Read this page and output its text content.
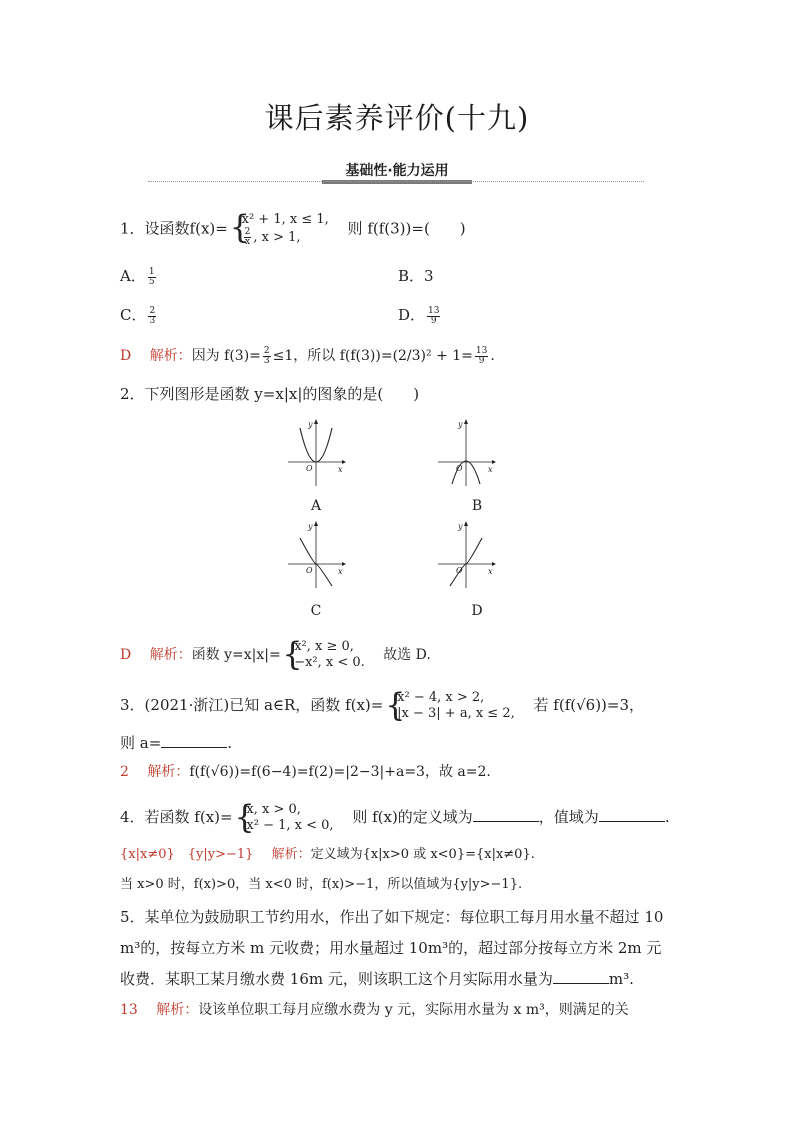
课后素养评价(十九)
基础性·能力运用
1．设函数f(x)= { x² + 1, x ≤ 1,
$\frac{2}{x}$ , x > 1,	则 f(f(3))=(　　)
A． $\frac{1}{5}$	B．3
C． $\frac{2}{3}$	D． $\frac{13}{9}$
D 解析：因为 $f(3)= \frac{2}{3} \le 1$，所以 $f(f(3))=(2/3)^2 + 1= \frac{13}{9}$ .
2．下列图形是函数 y=x|x|的图象的是(　　)
y
x
O
y
x
O
A	B
y
x
O
y
x
O
C	D
D 解析：函数 y=x|x|=
{ x², x ≥ 0,
−x², x < 0. 故选 D.
3．(2021·浙江)已知 a∈R，函数 f(x)= { x² − 4, x > 2,
|x − 3| + a, x ≤ 2, 若 f(f(√6))=3，
则 a=	.
2 解析：f(f(√6))=f(6−4)=f(2)=|2−3|+a=3，故 a=2.
4．若函数 f(x)= { x, x > 0,
x² − 1, x < 0, 则 f(x)的定义域为	，值域为	.
{x|x≠0}　{y|y>−1} 解析：定义域为{x|x>0 或 x<0}={x|x≠0}.
当 x>0 时，f(x)>0，当 x<0 时，f(x)>−1，所以值域为{y|y>−1}.
5．某单位为鼓励职工节约用水，作出了如下规定：每位职工每月用水量不超过 10
m³的，按每立方米 m 元收费；用水量超过 10m³的，超过部分按每立方米 2m 元
收费．某职工某月缴水费 16m 元，则该职工这个月实际用水量为	m³.
13 解析：设该单位职工每月应缴水费为 y 元，实际用水量为 x m³，则满足的关
